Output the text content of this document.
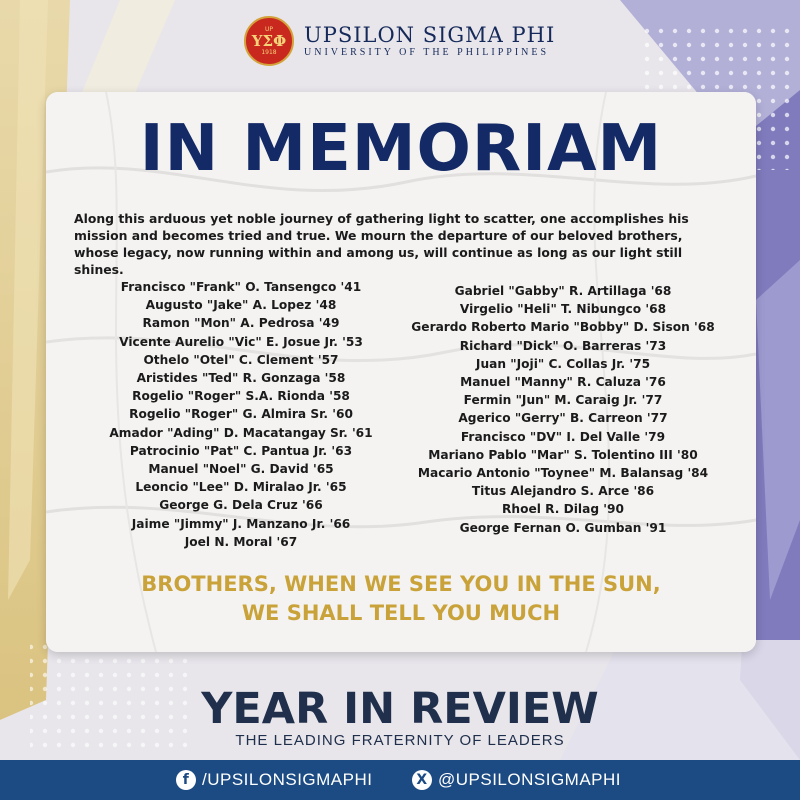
UP
ΥΣΦ
1918
UPSILON SIGMA PHI
UNIVERSITY OF THE PHILIPPINES
IN MEMORIAM
Along this arduous yet noble journey of gathering light to scatter, one accomplishes his mission and becomes tried and true. We mourn the departure of our beloved brothers, whose legacy, now running within and among us, will continue as long as our light still shines.
Francisco "Frank" O. Tansengco '41
Augusto "Jake" A. Lopez '48
Ramon "Mon" A. Pedrosa '49
Vicente Aurelio "Vic" E. Josue Jr. '53
Othelo "Otel" C. Clement '57
Aristides "Ted" R. Gonzaga '58
Rogelio "Roger" S.A. Rionda '58
Rogelio "Roger" G. Almira Sr. '60
Amador "Ading" D. Macatangay Sr. '61
Patrocinio "Pat" C. Pantua Jr. '63
Manuel "Noel" G. David '65
Leoncio "Lee" D. Miralao Jr. '65
George G. Dela Cruz '66
Jaime "Jimmy" J. Manzano Jr. '66
Joel N. Moral '67
Gabriel "Gabby" R. Artillaga '68
Virgelio "Heli" T. Nibungco '68
Gerardo Roberto Mario "Bobby" D. Sison '68
Richard "Dick" O. Barreras '73
Juan "Joji" C. Collas Jr. '75
Manuel "Manny" R. Caluza '76
Fermin "Jun" M. Caraig Jr. '77
Agerico "Gerry" B. Carreon '77
Francisco "DV" I. Del Valle '79
Mariano Pablo "Mar" S. Tolentino III '80
Macario Antonio "Toynee" M. Balansag '84
Titus Alejandro S. Arce '86
Rhoel R. Dilag '90
George Fernan O. Gumban '91
BROTHERS, WHEN WE SEE YOU IN THE SUN,
WE SHALL TELL YOU MUCH
YEAR IN REVIEW
THE LEADING FRATERNITY OF LEADERS
f /UPSILONSIGMAPHI	X @UPSILONSIGMAPHI
